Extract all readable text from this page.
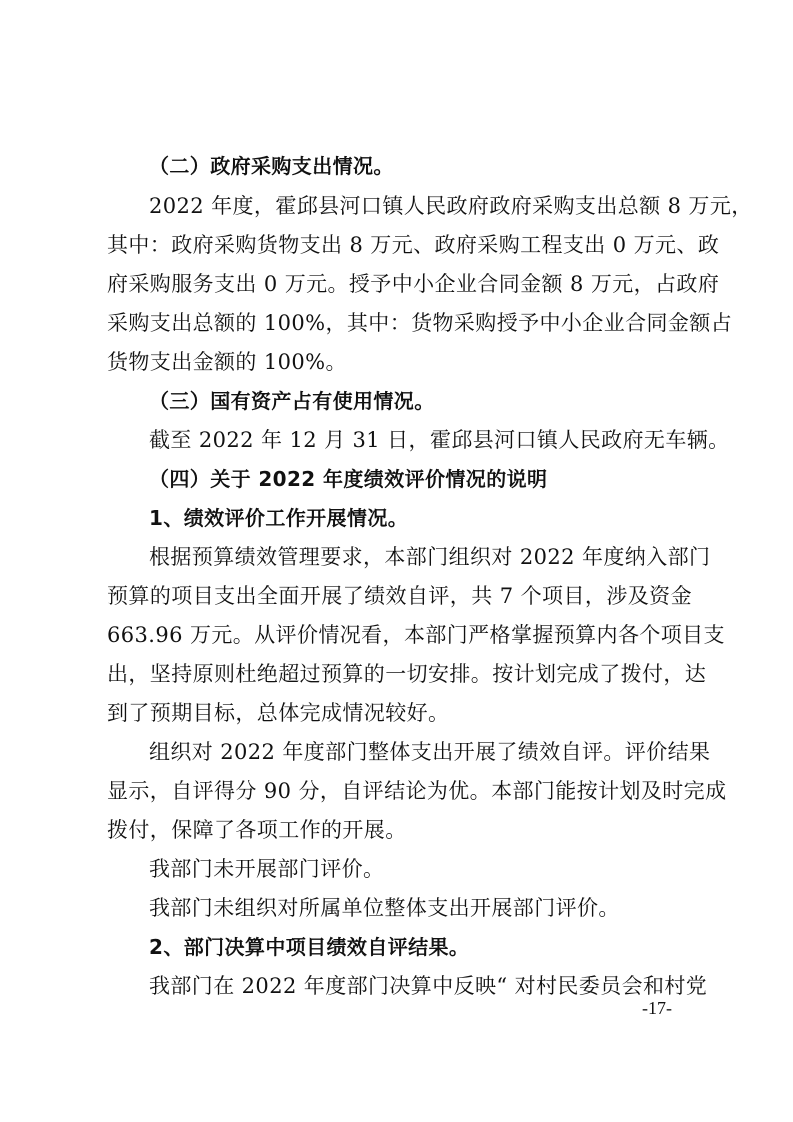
（二）政府采购支出情况。
2022 年度，霍邱县河口镇人民政府政府采购支出总额 8 万元，
其中：政府采购货物支出 8 万元、政府采购工程支出 0 万元、政
府采购服务支出 0 万元。授予中小企业合同金额 8 万元，占政府
采购支出总额的 100%，其中：货物采购授予中小企业合同金额占
货物支出金额的 100%。
（三）国有资产占有使用情况。
截至 2022 年 12 月 31 日，霍邱县河口镇人民政府无车辆。
（四）关于 2022 年度绩效评价情况的说明
1、绩效评价工作开展情况。
根据预算绩效管理要求，本部门组织对 2022 年度纳入部门
预算的项目支出全面开展了绩效自评，共 7 个项目，涉及资金
663.96 万元。从评价情况看，本部门严格掌握预算内各个项目支
出，坚持原则杜绝超过预算的一切安排。按计划完成了拨付，达
到了预期目标，总体完成情况较好。
组织对 2022 年度部门整体支出开展了绩效自评。评价结果
显示，自评得分 90 分，自评结论为优。本部门能按计划及时完成
拨付，保障了各项工作的开展。
我部门未开展部门评价。
我部门未组织对所属单位整体支出开展部门评价。
2、部门决算中项目绩效自评结果。
我部门在 2022 年度部门决算中反映“ 对村民委员会和村党
-17-
